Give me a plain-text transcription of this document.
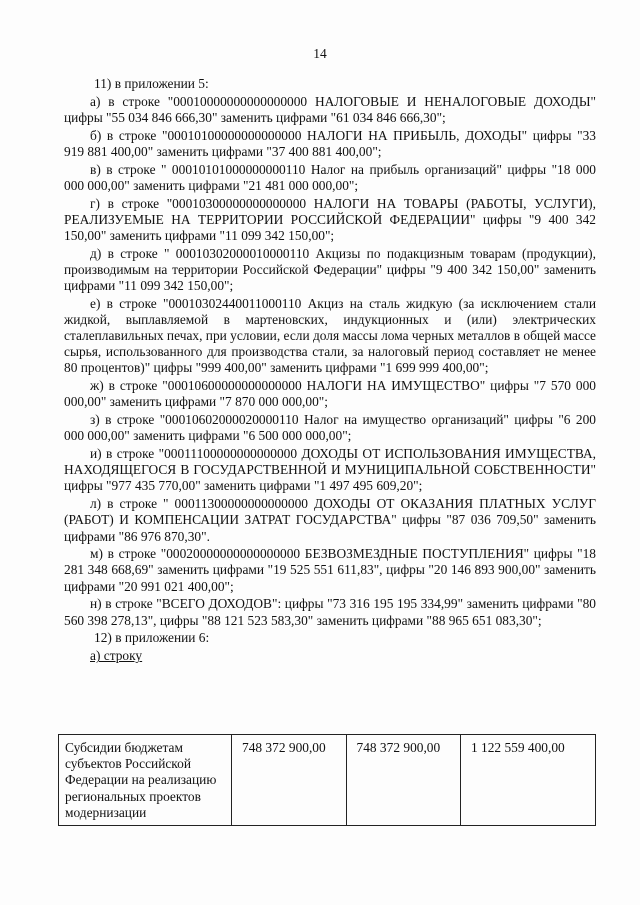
14

11) в приложении 5:

а) в строке "00010000000000000000 НАЛОГОВЫЕ И НЕНАЛОГОВЫЕ ДОХОДЫ" цифры "55 034 846 666,30" заменить цифрами "61 034 846 666,30";

б) в строке "00010100000000000000 НАЛОГИ НА ПРИБЫЛЬ, ДОХОДЫ" цифры "33 919 881 400,00" заменить цифрами "37 400 881 400,00";

в) в строке " 00010101000000000110 Налог на прибыль организаций" цифры "18 000 000 000,00" заменить цифрами "21 481 000 000,00";

г) в строке "00010300000000000000 НАЛОГИ НА ТОВАРЫ (РАБОТЫ, УСЛУГИ), РЕАЛИЗУЕМЫЕ НА ТЕРРИТОРИИ РОССИЙСКОЙ ФЕДЕРАЦИИ" цифры "9 400 342 150,00" заменить цифрами "11 099 342 150,00";

д) в строке " 00010302000010000110 Акцизы по подакцизным товарам (продукции), производимым на территории Российской Федерации" цифры "9 400 342 150,00" заменить цифрами "11 099 342 150,00";

е) в строке "00010302440011000110 Акциз на сталь жидкую (за исключением стали жидкой, выплавляемой в мартеновских, индукционных и (или) электрических сталеплавильных печах, при условии, если доля массы лома черных металлов в общей массе сырья, использованного для производства стали, за налоговый период составляет не менее 80 процентов)" цифры "999 400,00" заменить цифрами "1 699 999 400,00";

ж) в строке "00010600000000000000 НАЛОГИ НА ИМУЩЕСТВО" цифры "7 570 000 000,00" заменить цифрами "7 870 000 000,00";

з) в строке "00010602000020000110 Налог на имущество организаций" цифры "6 200 000 000,00" заменить цифрами "6 500 000 000,00";

и) в строке "00011100000000000000 ДОХОДЫ ОТ ИСПОЛЬЗОВАНИЯ ИМУЩЕСТВА, НАХОДЯЩЕГОСЯ В ГОСУДАРСТВЕННОЙ И МУНИЦИПАЛЬНОЙ СОБСТВЕННОСТИ" цифры "977 435 770,00" заменить цифрами "1 497 495 609,20";

л) в строке " 00011300000000000000 ДОХОДЫ ОТ ОКАЗАНИЯ ПЛАТНЫХ УСЛУГ (РАБОТ) И КОМПЕНСАЦИИ ЗАТРАТ ГОСУДАРСТВА" цифры "87 036 709,50" заменить цифрами "86 976 870,30".

м) в строке "00020000000000000000 БЕЗВОЗМЕЗДНЫЕ ПОСТУПЛЕНИЯ" цифры "18 281 348 668,69" заменить цифрами "19 525 551 611,83", цифры "20 146 893 900,00" заменить цифрами "20 991 021 400,00";

н) в строке "ВСЕГО ДОХОДОВ": цифры "73 316 195 195 334,99" заменить цифрами "80 560 398 278,13", цифры "88 121 523 583,30" заменить цифрами "88 965 651 083,30";

12) в приложении 6:

а) строку

Субсидии бюджетам субъектов Российской Федерации на реализацию региональных проектов модернизации	748 372 900,00	748 372 900,00	1 122 559 400,00
